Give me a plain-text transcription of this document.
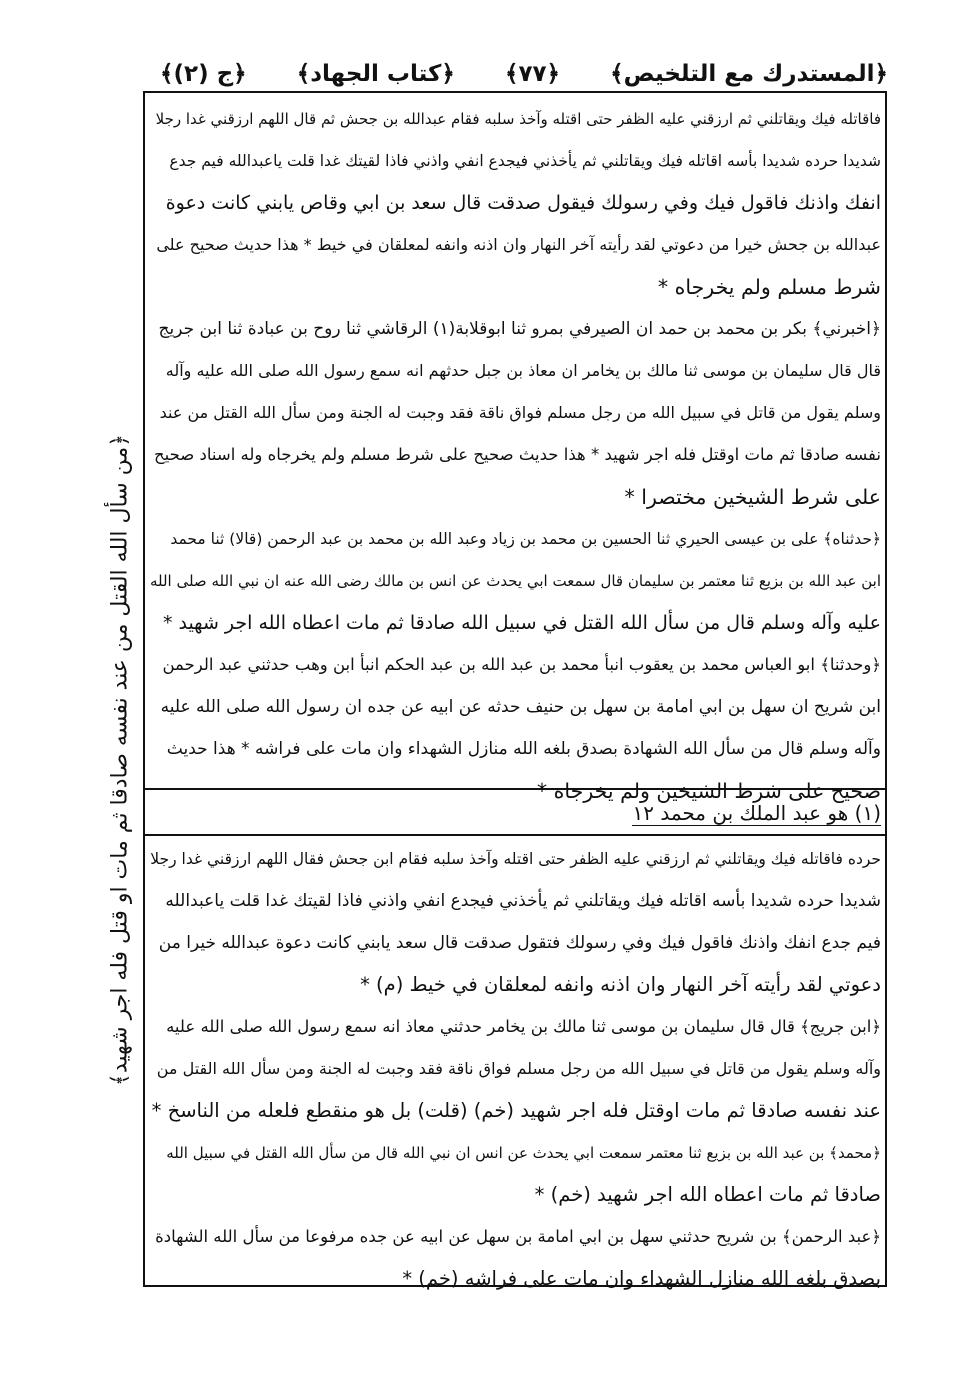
﴿المستدرك مع التلخيص﴾
﴿٧٧﴾
﴿كتاب الجهاد﴾
﴿ج (٢)﴾
فاقاتله فيك ويقاتلني ثم ارزقني عليه الظفر حتى اقتله وآخذ سلبه فقام عبدالله بن جحش ثم قال اللهم ارزقني غدا رجلا
شديدا حرده شديدا بأسه اقاتله فيك ويقاتلني ثم يأخذني فيجدع انفي واذني فاذا لقيتك غدا قلت ياعبدالله فيم جدع
انفك واذنك فاقول فيك وفي رسولك فيقول صدقت قال سعد بن ابي وقاص يابني كانت دعوة
عبدالله بن جحش خيرا من دعوتي لقد رأيته آخر النهار وان اذنه وانفه لمعلقان في خيط * هذا حديث صحيح على
شرط مسلم ولم يخرجاه *
﴿اخبرني﴾ بكر بن محمد بن حمد ان الصيرفي بمرو ثنا ابوقلابة(١) الرقاشي ثنا روح بن عبادة ثنا ابن جريج
قال قال سليمان بن موسى ثنا مالك بن يخامر ان معاذ بن جبل حدثهم انه سمع رسول الله صلى الله عليه وآله
وسلم يقول من قاتل في سبيل الله من رجل مسلم فواق ناقة فقد وجبت له الجنة ومن سأل الله القتل من عند
نفسه صادقا ثم مات اوقتل فله اجر شهيد * هذا حديث صحيح على شرط مسلم ولم يخرجاه وله اسناد صحيح
على شرط الشيخين مختصرا *
﴿حدثناه﴾ على بن عيسى الحيري ثنا الحسين بن محمد بن زياد وعبد الله بن محمد بن عبد الرحمن (قالا) ثنا محمد
ابن عبد الله بن بزيع ثنا معتمر بن سليمان قال سمعت ابي يحدث عن انس بن مالك رضى الله عنه ان نبي الله صلى الله
عليه وآله وسلم قال من سأل الله القتل في سبيل الله صادقا ثم مات اعطاه الله اجر شهيد *
﴿وحدثنا﴾ ابو العباس محمد بن يعقوب انبأ محمد بن عبد الله بن عبد الحكم انبأ ابن وهب حدثني عبد الرحمن
ابن شريح ان سهل بن ابي امامة بن سهل بن حنيف حدثه عن ابيه عن جده ان رسول الله صلى الله عليه
وآله وسلم قال من سأل الله الشهادة بصدق بلغه الله منازل الشهداء وان مات على فراشه * هذا حديث
صحيح على شرط الشيخين ولم يخرجاه *
(١) هو عبد الملك بن محمد ١٢
حرده فاقاتله فيك ويقاتلني ثم ارزقني عليه الظفر حتى اقتله وآخذ سلبه فقام ابن جحش فقال اللهم ارزقني غدا رجلا
شديدا حرده شديدا بأسه اقاتله فيك ويقاتلني ثم يأخذني فيجدع انفي واذني فاذا لقيتك غدا قلت ياعبدالله
فيم جدع انفك واذنك فاقول فيك وفي رسولك فتقول صدقت قال سعد يابني كانت دعوة عبدالله خيرا من
دعوتي لقد رأيته آخر النهار وان اذنه وانفه لمعلقان في خيط (م) *
﴿ابن جريج﴾ قال قال سليمان بن موسى ثنا مالك بن يخامر حدثني معاذ انه سمع رسول الله صلى الله عليه
وآله وسلم يقول من قاتل في سبيل الله من رجل مسلم فواق ناقة فقد وجبت له الجنة ومن سأل الله القتل من
عند نفسه صادقا ثم مات اوقتل فله اجر شهيد (خم) (قلت) بل هو منقطع فلعله من الناسخ *
﴿محمد﴾ بن عبد الله بن بزيع ثنا معتمر سمعت ابي يحدث عن انس ان نبي الله قال من سأل الله القتل في سبيل الله
صادقا ثم مات اعطاه الله اجر شهيد (خم) *
﴿عبد الرحمن﴾ بن شريح حدثني سهل بن ابي امامة بن سهل عن ابيه عن جده مرفوعا من سأل الله الشهادة
بصدق بلغه الله منازل الشهداء وان مات على فراشه (خم) *
﴿من سأل الله القتل من عند نفسه صادقا ثم مات او قتل فله اجر شهيد﴾
